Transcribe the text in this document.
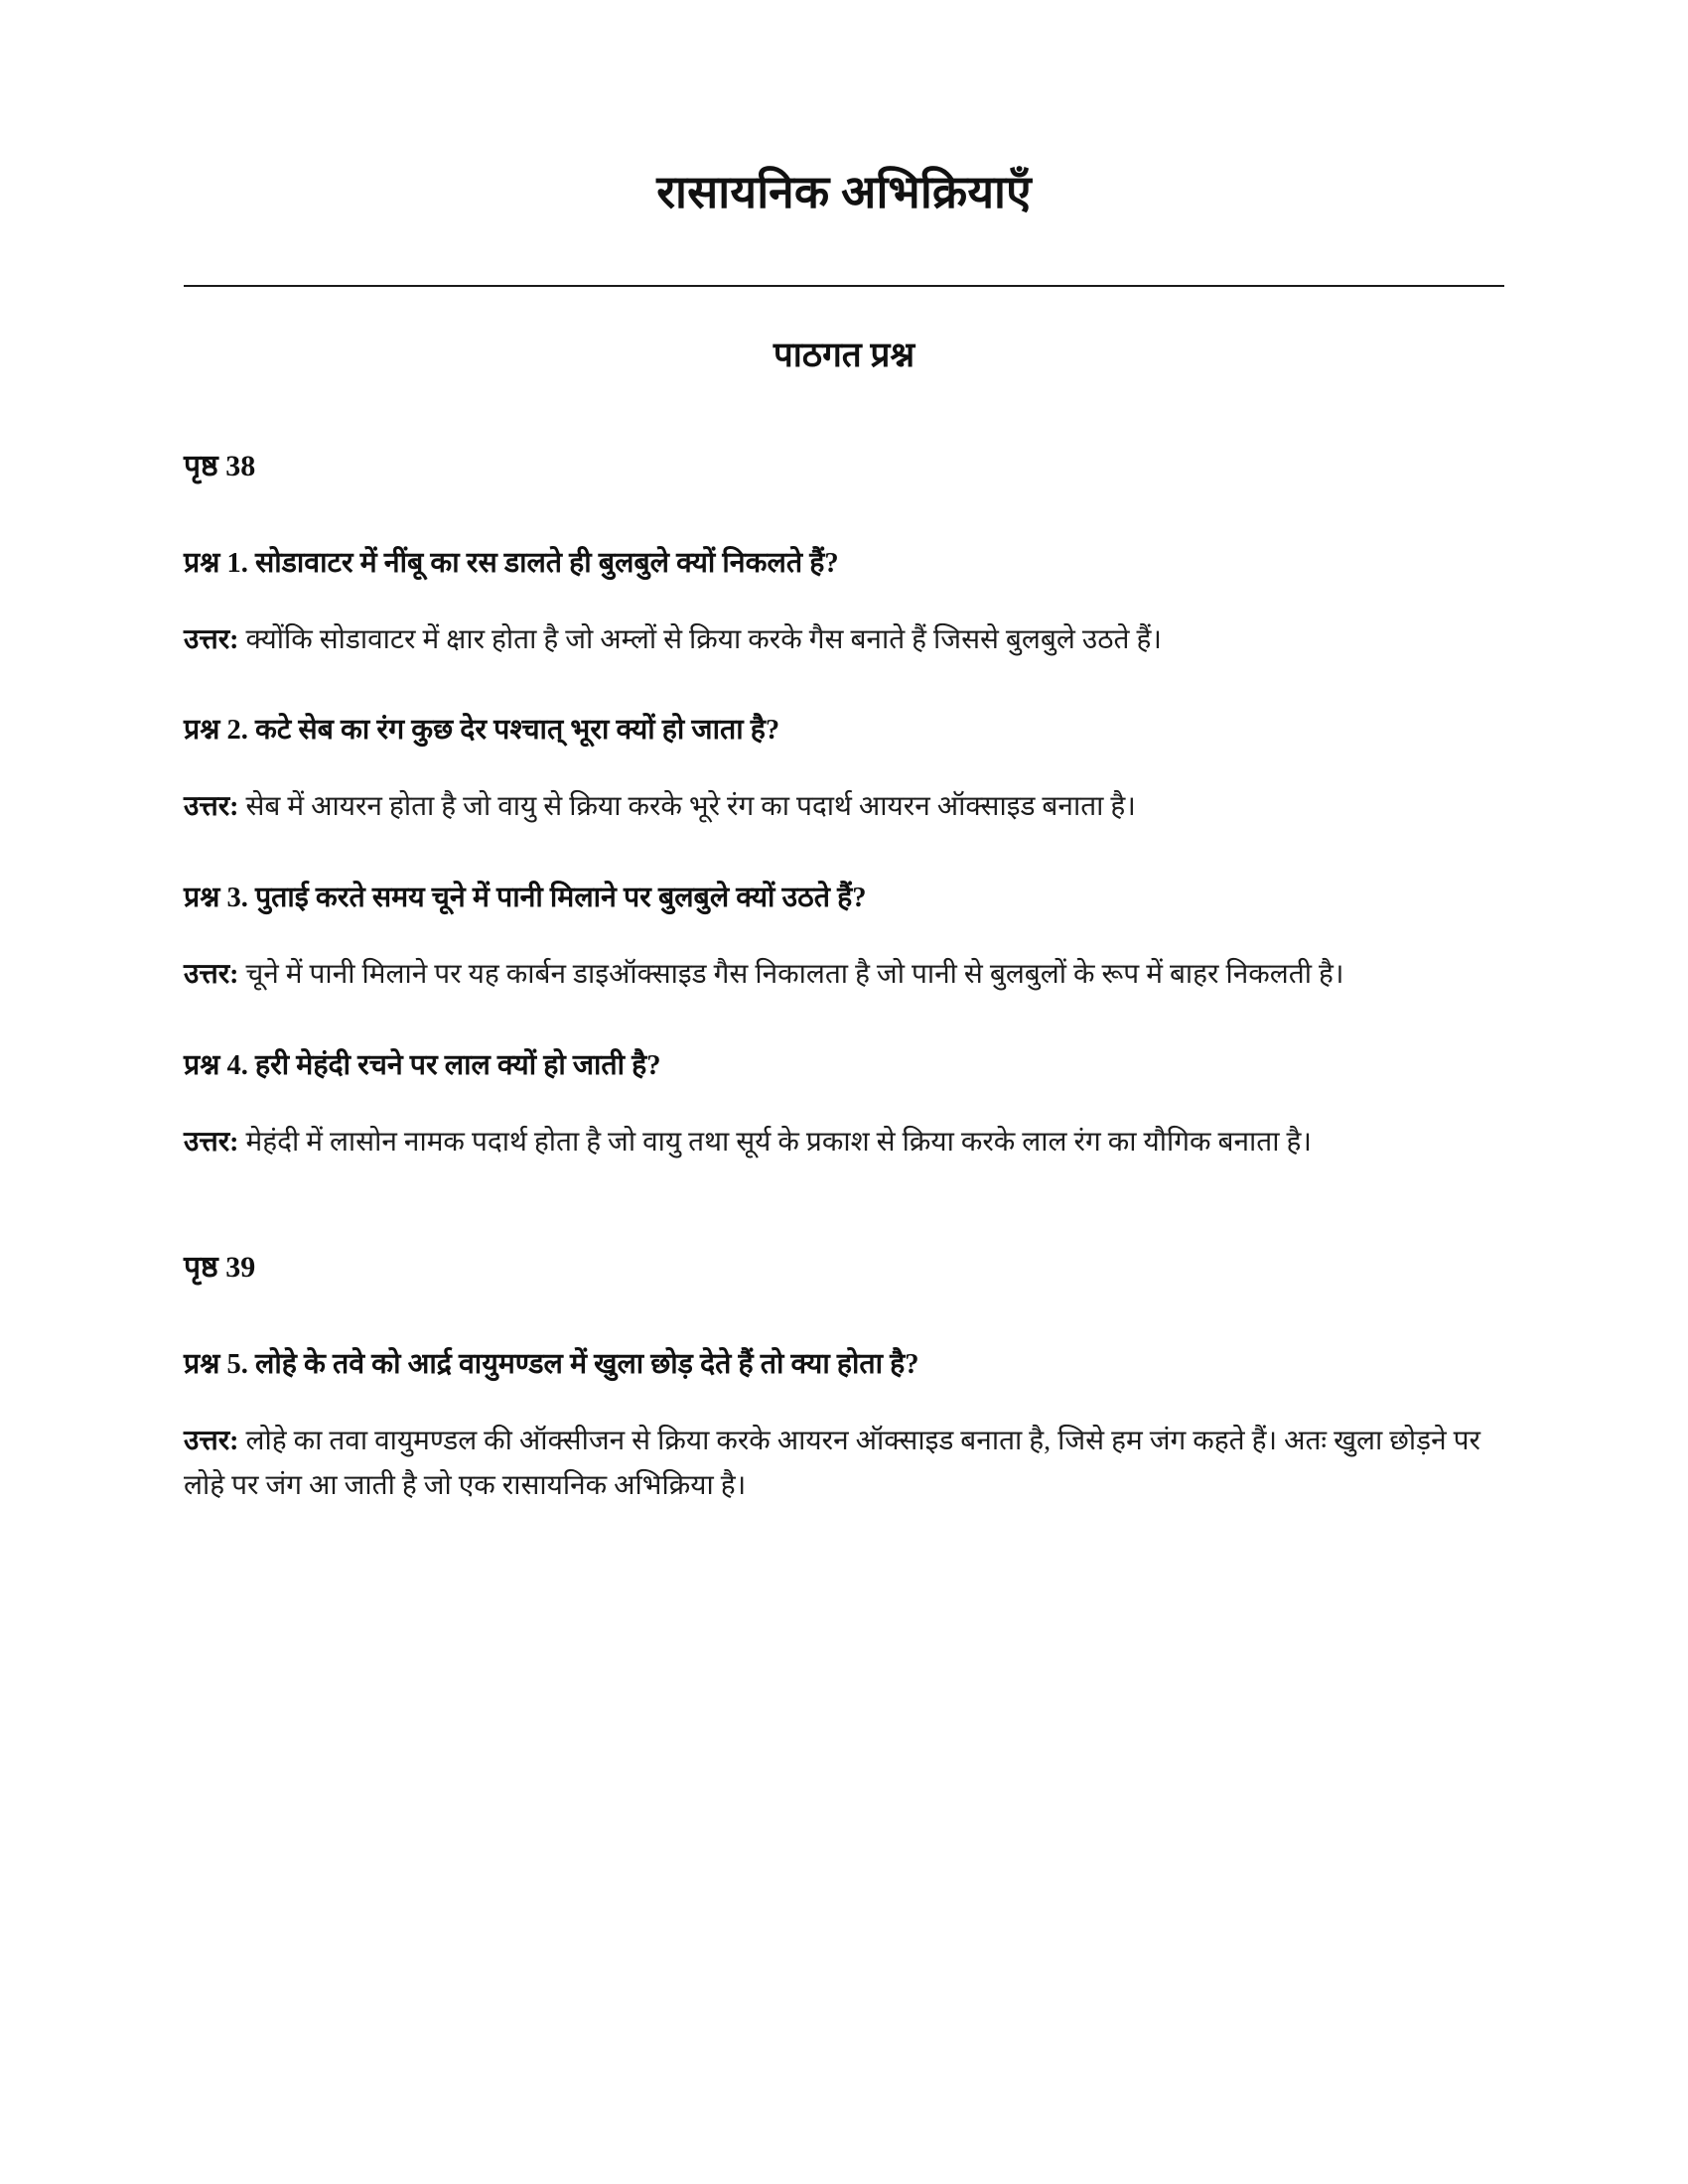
रासायनिक अभिक्रियाएँ
पाठगत प्रश्न
पृष्ठ 38

प्रश्न 1. सोडावाटर में नींबू का रस डालते ही बुलबुले क्यों निकलते हैं?

उत्तर: क्योंकि सोडावाटर में क्षार होता है जो अम्लों से क्रिया करके गैस बनाते हैं जिससे बुलबुले उठते हैं।

प्रश्न 2. कटे सेब का रंग कुछ देर पश्चात् भूरा क्यों हो जाता है?

उत्तर: सेब में आयरन होता है जो वायु से क्रिया करके भूरे रंग का पदार्थ आयरन ऑक्साइड बनाता है।

प्रश्न 3. पुताई करते समय चूने में पानी मिलाने पर बुलबुले क्यों उठते हैं?

उत्तर: चूने में पानी मिलाने पर यह कार्बन डाइऑक्साइड गैस निकालता है जो पानी से बुलबुलों के रूप में बाहर निकलती है।

प्रश्न 4. हरी मेहंदी रचने पर लाल क्यों हो जाती है?

उत्तर: मेहंदी में लासोन नामक पदार्थ होता है जो वायु तथा सूर्य के प्रकाश से क्रिया करके लाल रंग का यौगिक बनाता है।

पृष्ठ 39

प्रश्न 5. लोहे के तवे को आर्द्र वायुमण्डल में खुला छोड़ देते हैं तो क्या होता है?

उत्तर: लोहे का तवा वायुमण्डल की ऑक्सीजन से क्रिया करके आयरन ऑक्साइड बनाता है, जिसे हम जंग कहते हैं। अतः खुला छोड़ने पर लोहे पर जंग आ जाती है जो एक रासायनिक अभिक्रिया है।
